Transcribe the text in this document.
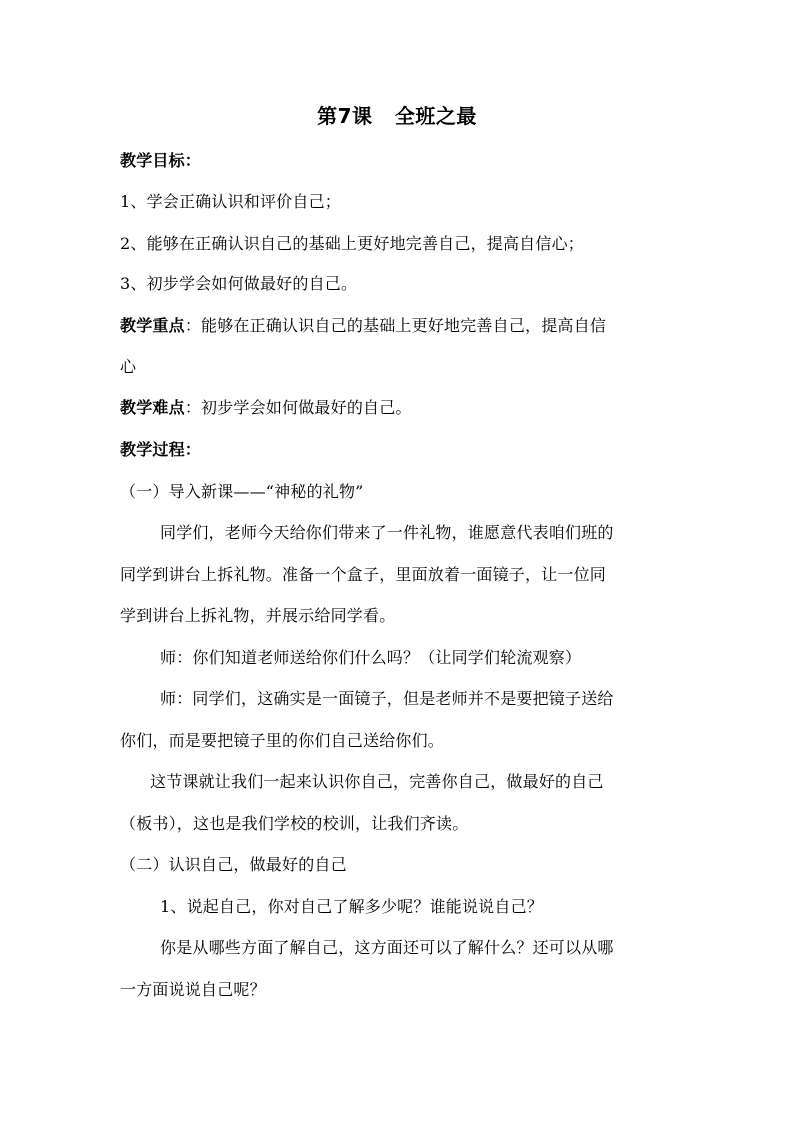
第7课   全班之最
教学目标：
1、学会正确认识和评价自己；
2、能够在正确认识自己的基础上更好地完善自己，提高自信心；
3、初步学会如何做最好的自己。
教学重点：能够在正确认识自己的基础上更好地完善自己，提高自信
心
教学难点：初步学会如何做最好的自己。
教学过程：
（一）导入新课——“神秘的礼物”
同学们，老师今天给你们带来了一件礼物，谁愿意代表咱们班的
同学到讲台上拆礼物。准备一个盒子，里面放着一面镜子，让一位同
学到讲台上拆礼物，并展示给同学看。
师：你们知道老师送给你们什么吗？（让同学们轮流观察）
师：同学们，这确实是一面镜子，但是老师并不是要把镜子送给
你们，而是要把镜子里的你们自己送给你们。
这节课就让我们一起来认识你自己，完善你自己，做最好的自己
（板书），这也是我们学校的校训，让我们齐读。
（二）认识自己，做最好的自己
1、说起自己，你对自己了解多少呢？谁能说说自己？
你是从哪些方面了解自己，这方面还可以了解什么？还可以从哪
一方面说说自己呢？
